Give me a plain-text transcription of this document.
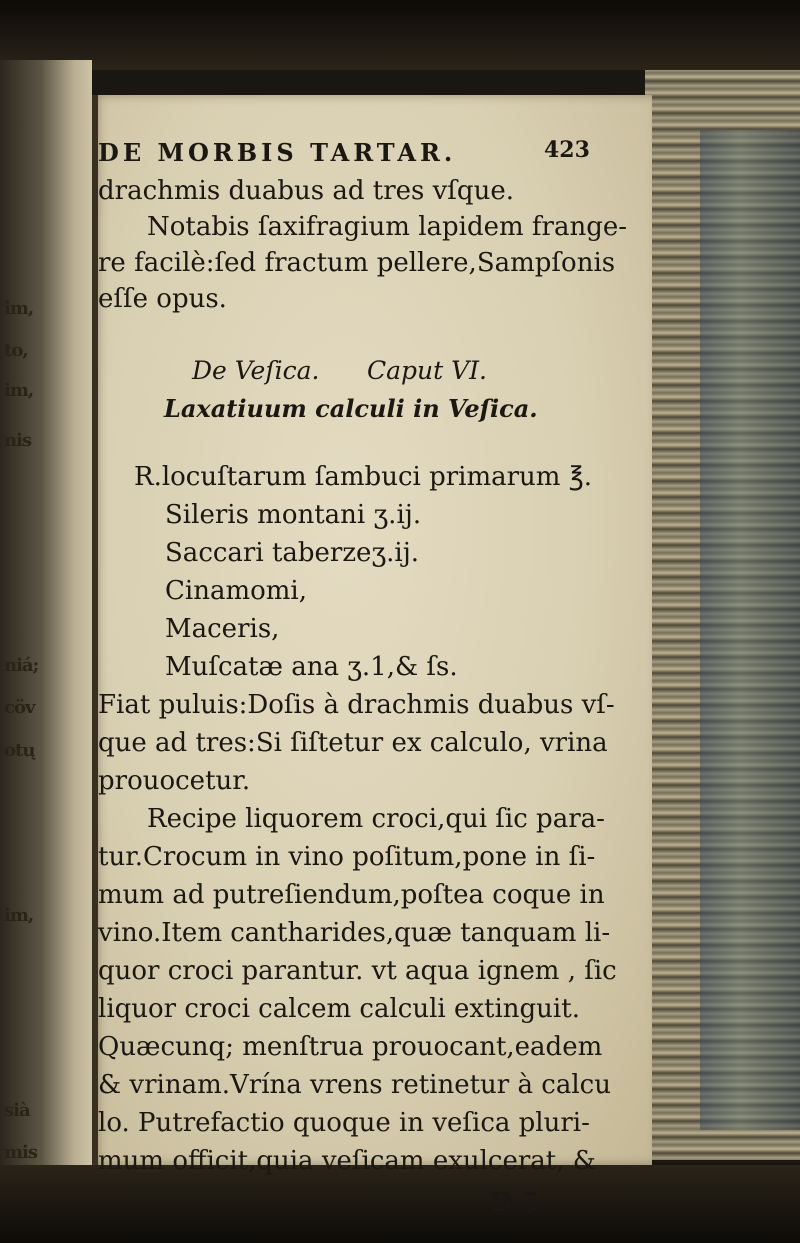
im,
to,
im,
nis
niá;
cöv
otų
im,
sià
mis
DE MORBIS TARTAR.	423
drachmis duabus ad tres vſque.
Notabis ſaxifragium lapidem frange-
re facilè:ſed fractum pellere,Sampſonis
eſſe opus.
De Veſica. Caput VI.
Laxatiuum calculi in Veſica.
R.locuſtarum ſambuci primarum ℥.
Sileris montani ʒ.ij.
Saccari taberzeʒ.ij.
Cinamomi,
Maceris,
Muſcatæ ana ʒ.1,& ſs.
Fiat puluis:Doſis à drachmis duabus vſ-
que ad tres:Si ſiſtetur ex calculo, vrina
prouocetur.
Recipe liquorem croci,qui ſic para-
tur.Crocum in vino poſitum,pone in ſi-
mum ad putreſiendum,poſtea coque in
vino.Item cantharides,quæ tanquam li-
quor croci parantur. vt aqua ignem , ſic
liquor croci calcem calculi extinguit.
Quæcunq; menſtrua prouocant,eadem
& vrinam.Vrína vrens retinetur à calcu
lo. Putrefactio quoque in veſica pluri-
mum officit,quia veſicam exulcerat, &
D 5
